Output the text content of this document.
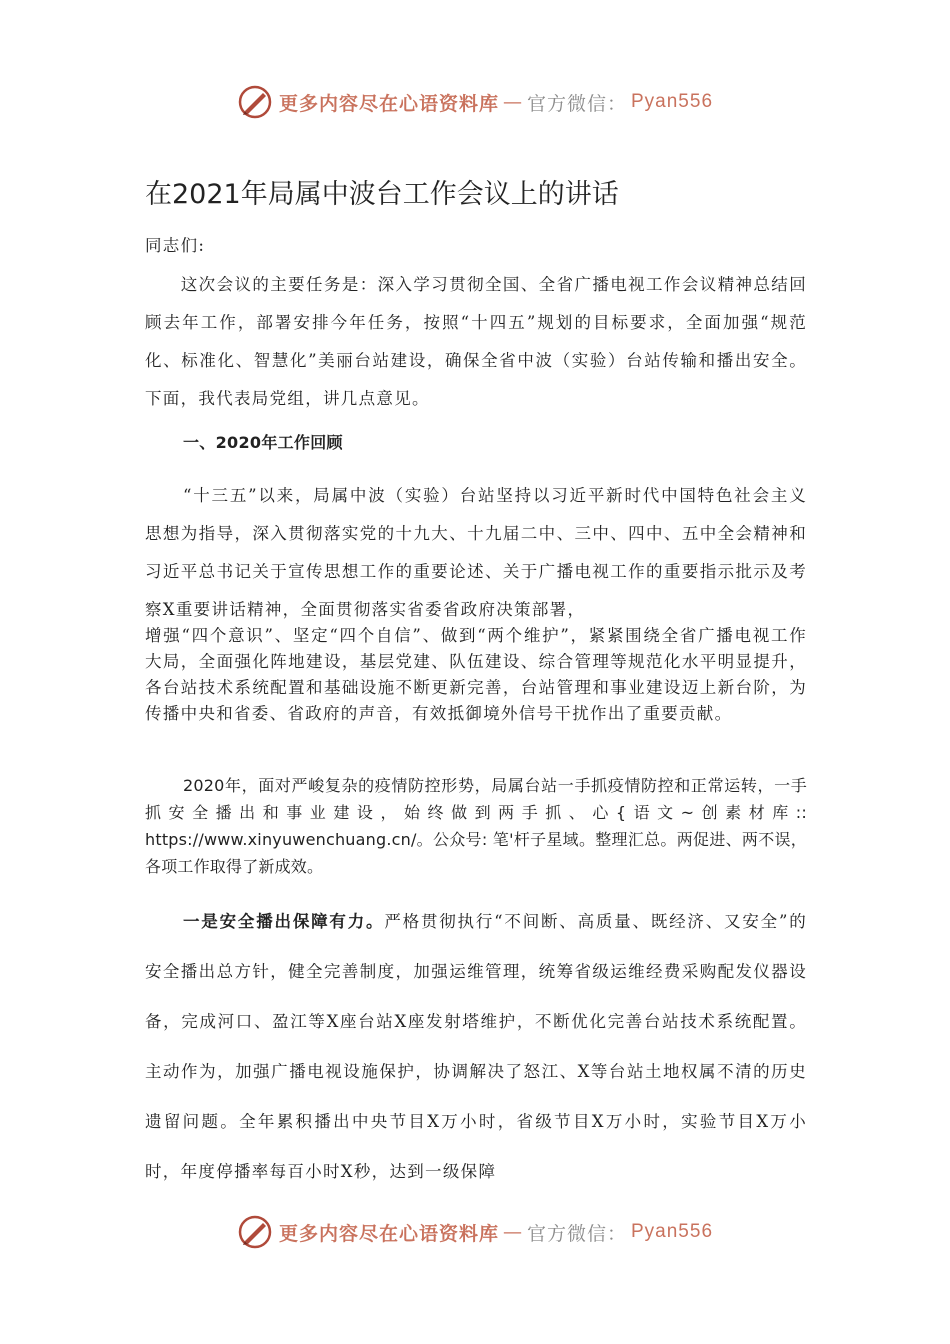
更多内容尽在心语资料库 — 官方微信： Pyan556
在2021年局属中波台工作会议上的讲话

同志们:

　　这次会议的主要任务是：深入学习贯彻全国、全省广播电视工作会议精神总结回顾去年工作，部署安排今年任务，按照“十四五”规划的目标要求，全面加强“规范化、标准化、智慧化”美丽台站建设，确保全省中波（实验）台站传输和播出安全。下面，我代表局党组，讲几点意见。

一、2020年工作回顾

“十三五”以来，局属中波（实验）台站坚持以习近平新时代中国特色社会主义思想为指导，深入贯彻落实党的十九大、十九届二中、三中、四中、五中全会精神和习近平总书记关于宣传思想工作的重要论述、关于广播电视工作的重要指示批示及考察X重要讲话精神，全面贯彻落实省委省政府决策部署，

增强“四个意识”、坚定“四个自信”、做到“两个维护”，紧紧围绕全省广播电视工作大局，全面强化阵地建设，基层党建、队伍建设、综合管理等规范化水平明显提升，各台站技术系统配置和基础设施不断更新完善，台站管理和事业建设迈上新台阶，为传播中央和省委、省政府的声音，有效抵御境外信号干扰作出了重要贡献。

2020年，面对严峻复杂的疫情防控形势，局属台站一手抓疫情防控和正常运转，一手抓安全播出和事业建设，始终做到两手抓、心{语文~创素材库:: https://www.xinyuwenchuang.cn/。公众号: 笔'杆子星域。整理汇总。两促进、两不误，各项工作取得了新成效。

一是安全播出保障有力。严格贯彻执行“不间断、高质量、既经济、又安全”的安全播出总方针，健全完善制度，加强运维管理，统筹省级运维经费采购配发仪器设备，完成河口、盈江等X座台站X座发射塔维护，不断优化完善台站技术系统配置。主动作为，加强广播电视设施保护，协调解决了怒江、X等台站土地权属不清的历史遗留问题。全年累积播出中央节目X万小时，省级节目X万小时，实验节目X万小时，年度停播率每百小时X秒，达到一级保障

更多内容尽在心语资料库 — 官方微信： Pyan556
